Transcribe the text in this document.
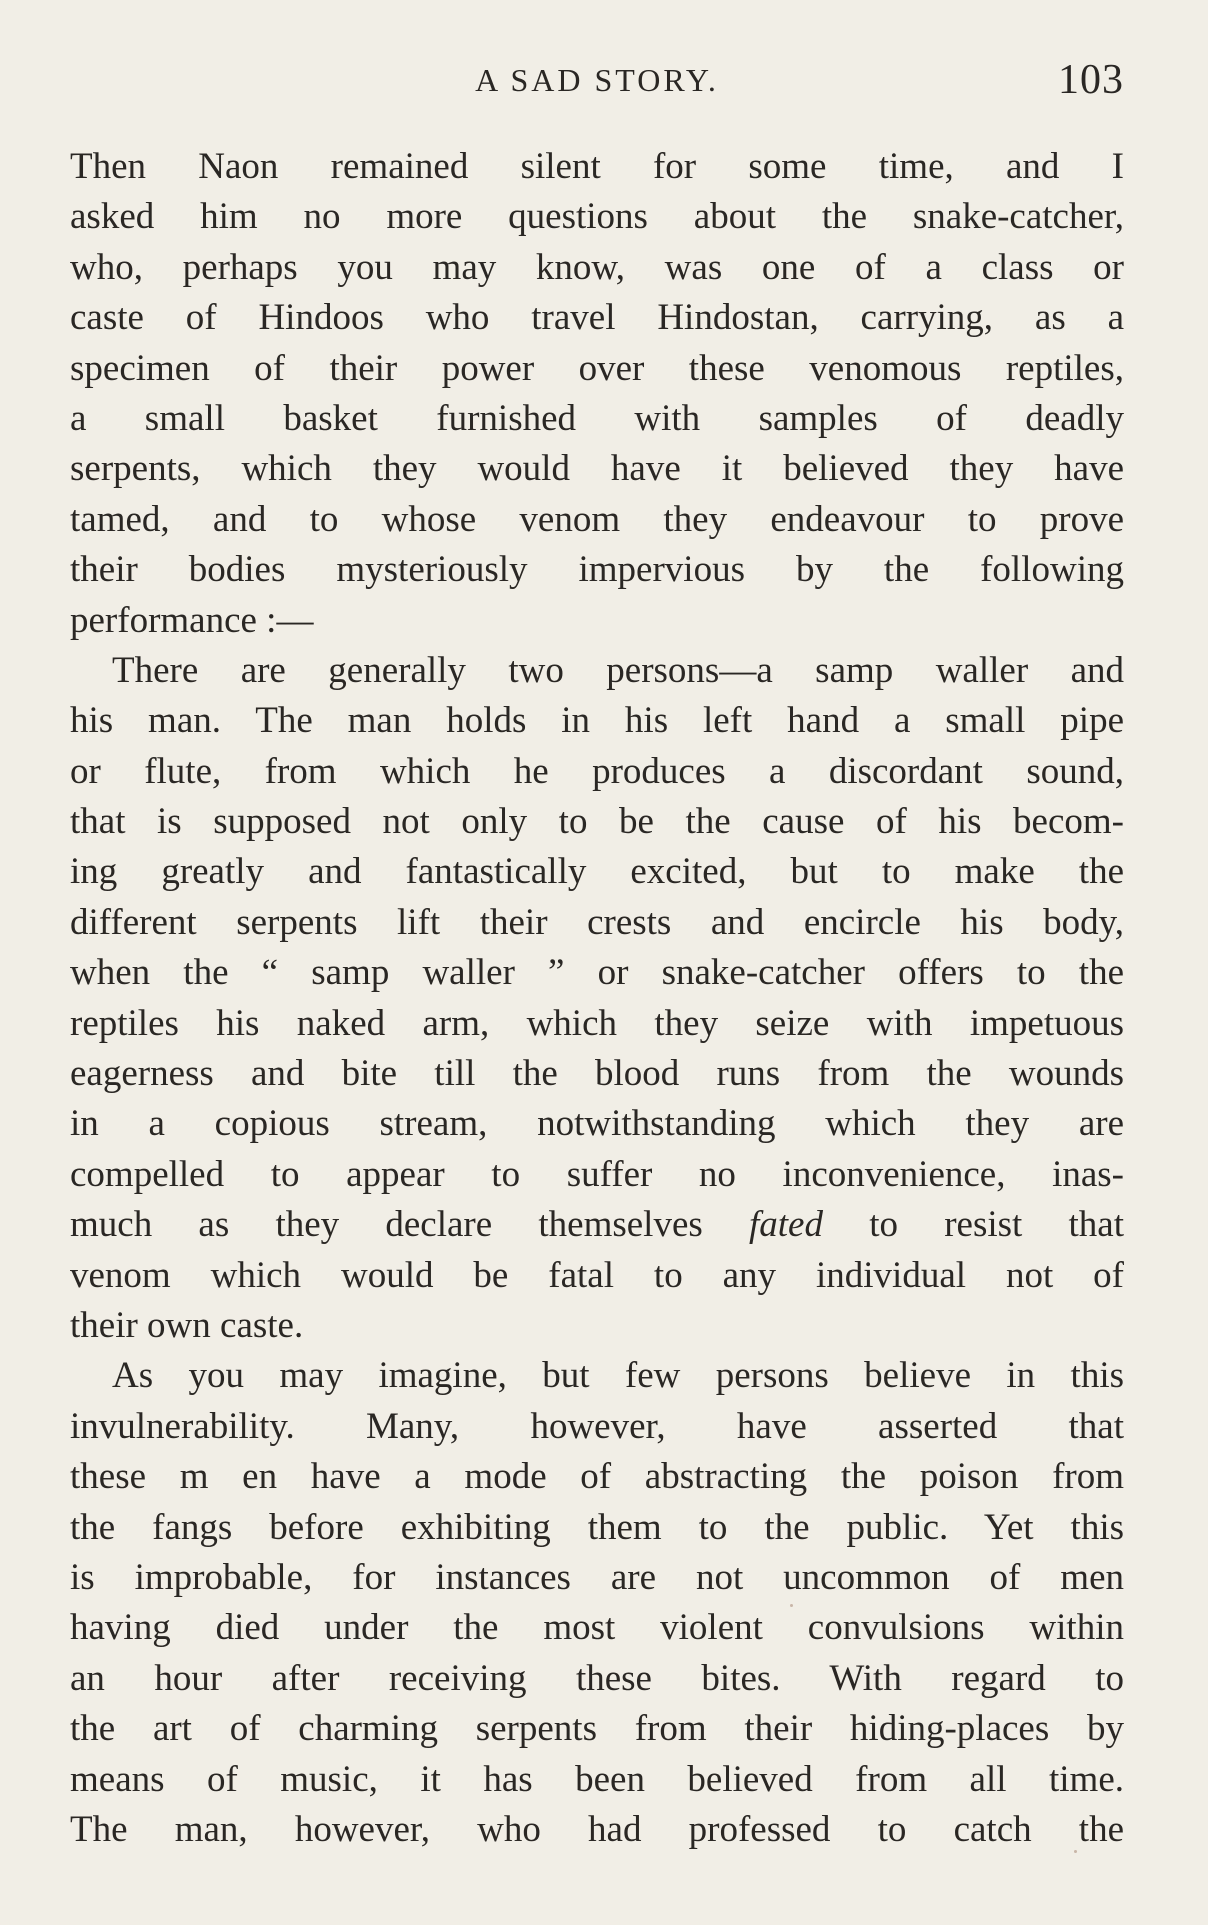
A SAD STORY.	103
Then Naon remained silent for some time, and I
asked him no more questions about the snake-catcher,
who, perhaps you may know, was one of a class or
caste of Hindoos who travel Hindostan, carrying, as a
specimen of their power over these venomous reptiles,
a small basket furnished with samples of deadly
serpents, which they would have it believed they have
tamed, and to whose venom they endeavour to prove
their bodies mysteriously impervious by the following
performance :—
There are generally two persons—a samp waller and
his man. The man holds in his left hand a small pipe
or flute, from which he produces a discordant sound,
that is supposed not only to be the cause of his becom-
ing greatly and fantastically excited, but to make the
different serpents lift their crests and encircle his body,
when the “ samp waller ” or snake-catcher offers to the
reptiles his naked arm, which they seize with impetuous
eagerness and bite till the blood runs from the wounds
in a copious stream, notwithstanding which they are
compelled to appear to suffer no inconvenience, inas-
much as they declare themselves fated to resist that
venom which would be fatal to any individual not of
their own caste.
As you may imagine, but few persons believe in this
invulnerability. Many, however, have asserted that
these m en have a mode of abstracting the poison from
the fangs before exhibiting them to the public. Yet this
is improbable, for instances are not uncommon of men
having died under the most violent convulsions within
an hour after receiving these bites. With regard to
the art of charming serpents from their hiding-places by
means of music, it has been believed from all time.
The man, however, who had professed to catch the
